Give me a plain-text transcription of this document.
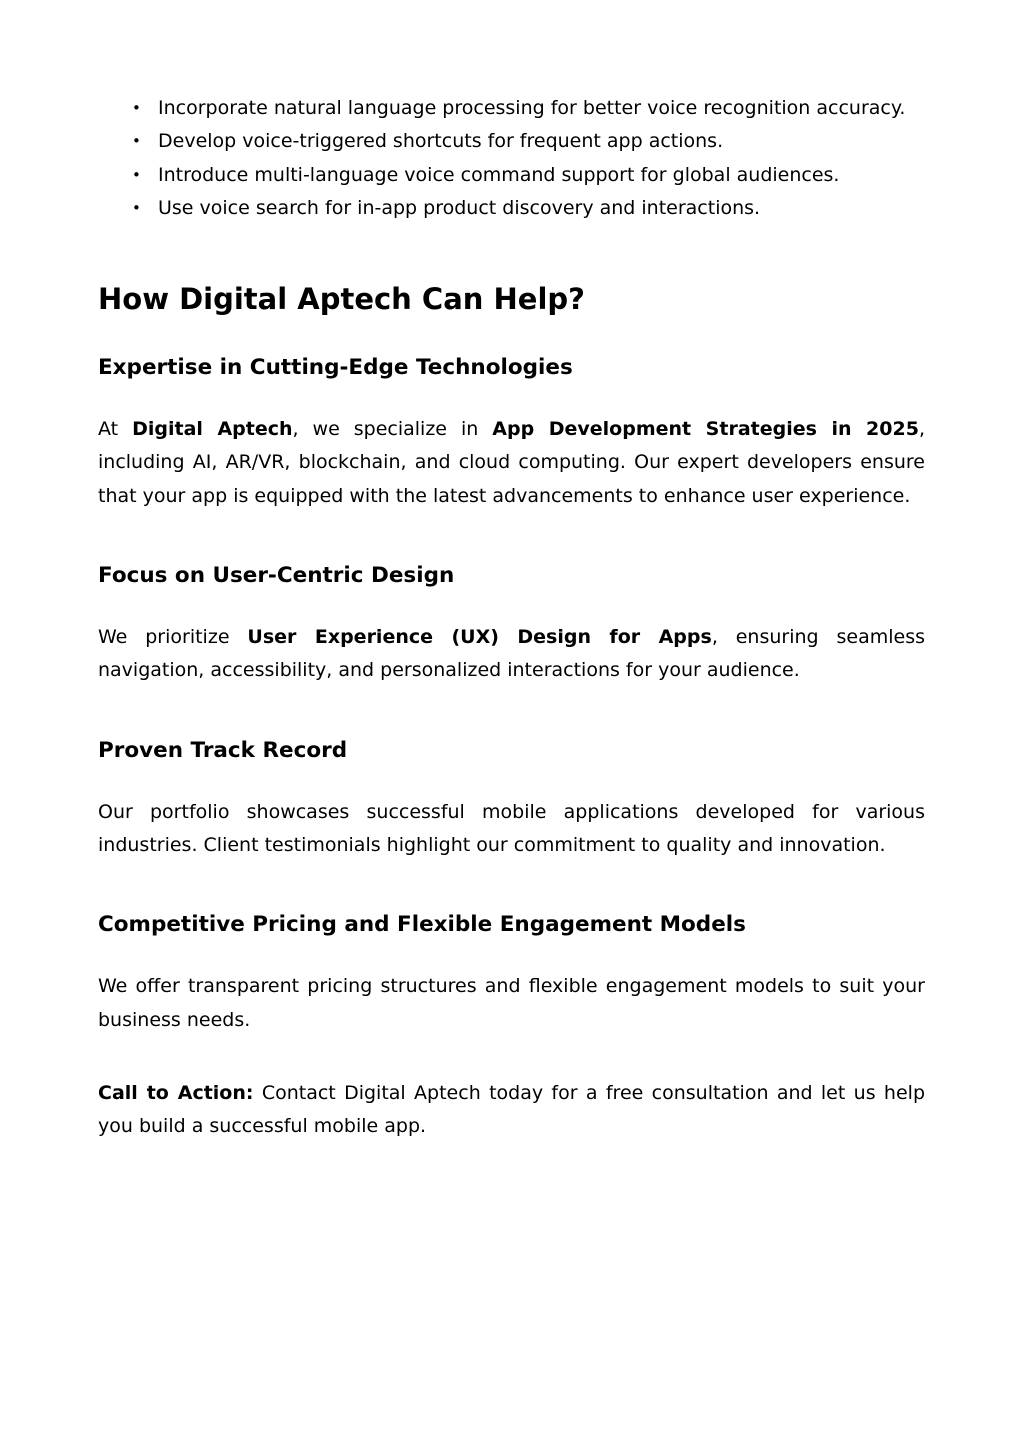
• Incorporate natural language processing for better voice recognition accuracy.
• Develop voice-triggered shortcuts for frequent app actions.
• Introduce multi-language voice command support for global audiences.
• Use voice search for in-app product discovery and interactions.
How Digital Aptech Can Help?
Expertise in Cutting-Edge Technologies

At Digital Aptech, we specialize in App Development Strategies in 2025, including AI, AR/VR, blockchain, and cloud computing. Our expert developers ensure that your app is equipped with the latest advancements to enhance user experience.

Focus on User-Centric Design

We prioritize User Experience (UX) Design for Apps, ensuring seamless navigation, accessibility, and personalized interactions for your audience.

Proven Track Record

Our portfolio showcases successful mobile applications developed for various industries. Client testimonials highlight our commitment to quality and innovation.

Competitive Pricing and Flexible Engagement Models

We offer transparent pricing structures and flexible engagement models to suit your business needs.

Call to Action: Contact Digital Aptech today for a free consultation and let us help you build a successful mobile app.
